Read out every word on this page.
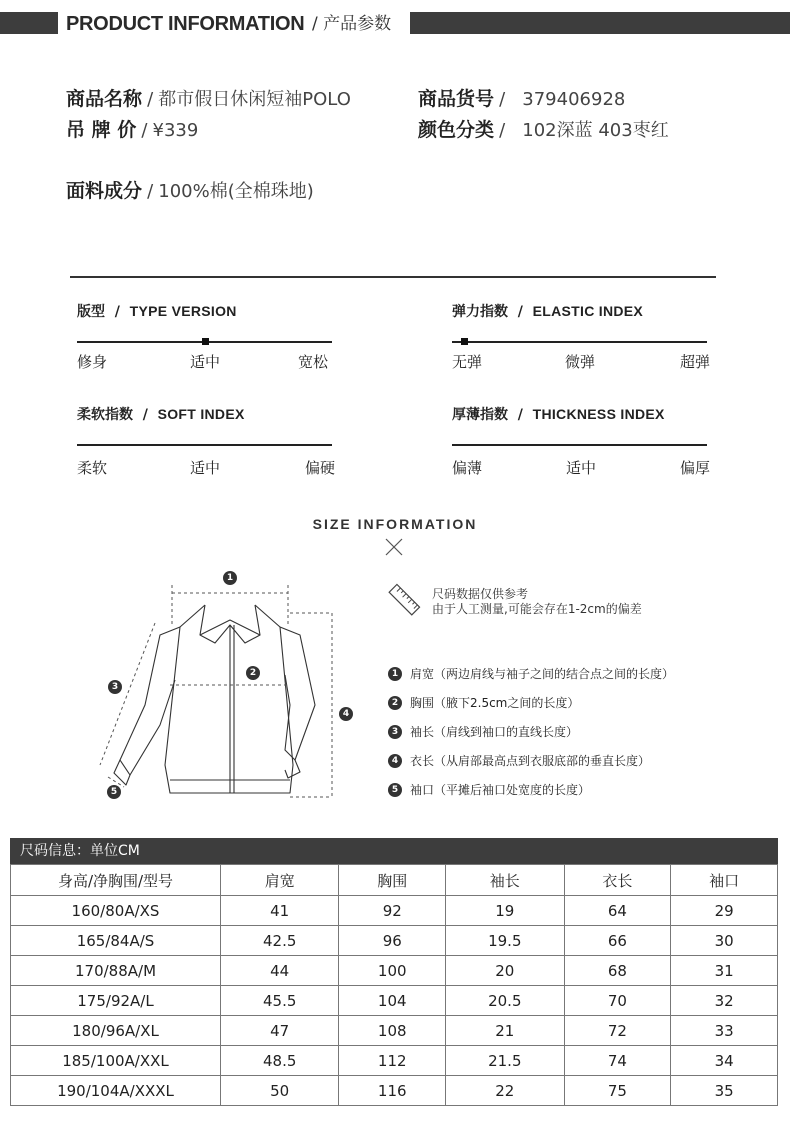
PRODUCT INFORMATION / 产品参数
商品名称 / 都市假日休闲短袖POLO	商品货号 / 379406928
吊 牌 价 / ¥339	颜色分类 / 102深蓝 403枣红
面料成分 / 100%棉(全棉珠地)
版型  /  TYPE VERSION
修身	适中	宽松
弹力指数  /  ELASTIC INDEX
无弹	微弹	超弹
柔软指数  /  SOFT INDEX
柔软	适中	偏硬
厚薄指数  /  THICKNESS INDEX
偏薄	适中	偏厚
SIZE INFORMATION
1
2
3
4
5
尺码数据仅供参考
由于人工测量,可能会存在1-2cm的偏差
1 肩宽（两边肩线与袖子之间的结合点之间的长度）
2 胸围（腋下2.5cm之间的长度）
3 袖长（肩线到袖口的直线长度）
4 衣长（从肩部最高点到衣服底部的垂直长度）
5 袖口（平摊后袖口处宽度的长度）
尺码信息：单位CM
身高/净胸围/型号	肩宽	胸围	袖长	衣长	袖口
160/80A/XS	41	92	19	64	29
165/84A/S	42.5	96	19.5	66	30
170/88A/M	44	100	20	68	31
175/92A/L	45.5	104	20.5	70	32
180/96A/XL	47	108	21	72	33
185/100A/XXL	48.5	112	21.5	74	34
190/104A/XXXL	50	116	22	75	35
